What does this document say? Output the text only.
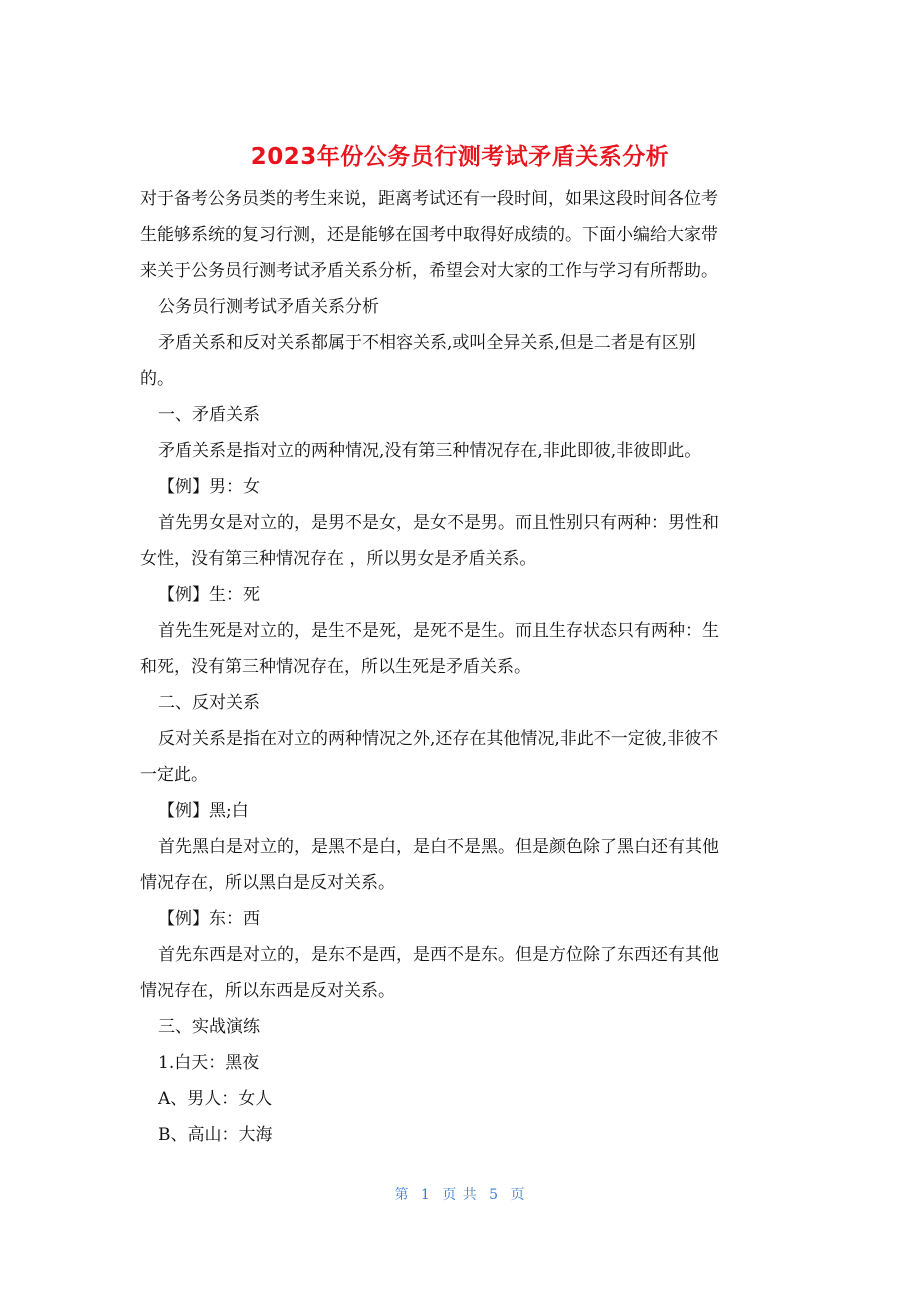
2023年份公务员行测考试矛盾关系分析

对于备考公务员类的考生来说，距离考试还有一段时间，如果这段时间各位考

生能够系统的复习行测，还是能够在国考中取得好成绩的。下面小编给大家带

来关于公务员行测考试矛盾关系分析，希望会对大家的工作与学习有所帮助。

公务员行测考试矛盾关系分析

矛盾关系和反对关系都属于不相容关系,或叫全异关系,但是二者是有区别

的。

一、矛盾关系

矛盾关系是指对立的两种情况,没有第三种情况存在,非此即彼,非彼即此。

【例】男：女

首先男女是对立的，是男不是女，是女不是男。而且性别只有两种：男性和

女性，没有第三种情况存在 ，所以男女是矛盾关系。

【例】生：死

首先生死是对立的，是生不是死，是死不是生。而且生存状态只有两种：生

和死，没有第三种情况存在，所以生死是矛盾关系。

二、反对关系

反对关系是指在对立的两种情况之外,还存在其他情况,非此不一定彼,非彼不

一定此。

【例】黑;白

首先黑白是对立的，是黑不是白，是白不是黑。但是颜色除了黑白还有其他

情况存在，所以黑白是反对关系。

【例】东：西

首先东西是对立的，是东不是西，是西不是东。但是方位除了东西还有其他

情况存在，所以东西是反对关系。

三、实战演练

1.白天：黑夜

A、男人：女人

B、高山：大海

第 1 页 共 5 页
